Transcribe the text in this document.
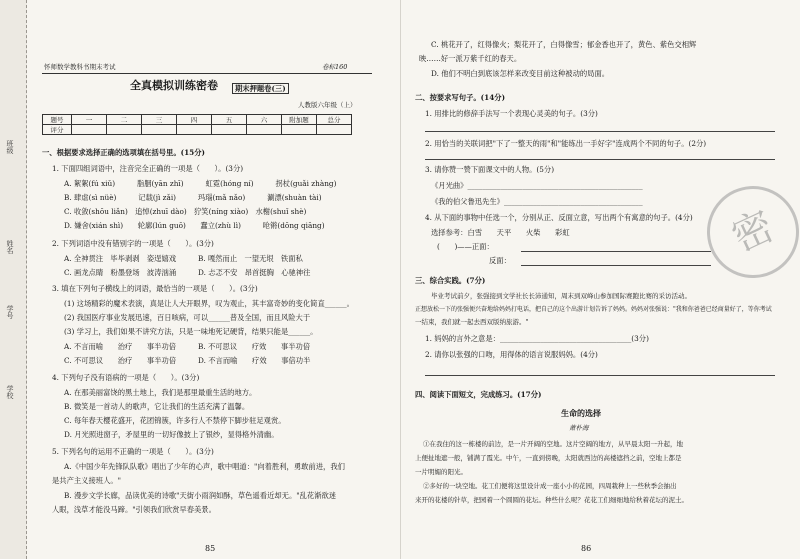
班级
姓名
学号
学校
怀师数学教科书期末考试	卷标160
全真模拟训练密卷	期末押题卷(三)
人教版六年级（上）
题号	一	二	三	四	五	六	附加题	总分
评分								
一、根据要求选择正确的选项填在括号里。(15分)
1. 下面四组词语中，注音完全正确的一项是（　　）。(3分)
A. 絮絮(fú xiǔ)　　　脂胭(yān zhī)　　　虹霓(hóng ní)　　　拐杖(guǎi zhàng)
B. 肆虐(sì nüè)　　　记载(jì zǎi)　　　玛瑙(mǎ nǎo)　　　涮漂(shuàn tài)
C. 收敛(shōu liǎn)　追悼(zhuī dào)　狞笑(níng xiào)　水榭(shuǐ shè)
D. 嫌舍(xián shì)　　轮廓(lún guō)　　蠢立(zhù lì)　　　呛锵(dōng qiāng)
2. 下列词语中没有错别字的一项是（　　）。(3分)
A. 全神贯注　毕毕剥剥　姿逞嬉戏　　　B. 嘎然而止　一望无垠　铁面私
C. 画龙点睛　粉墨登场　波涛汹涌　　　D. 忐忑不安　昂首挺胸　心驰神往
3. 填在下列句子横线上的词语，最恰当的一项是（　　）。(3分)
(1) 这场精彩的魔术表演，真是让人大开眼界，叹为观止，其丰富奇妙的变化简直______。
(2) 我国医疗事业发展迅速，百日咳病，可以______普及全国，而且风险大于
(3) 学习上，我们如果不讲究方法，只是一味地死记硬背，结果只能是______。
A. 不言而喻　　治疗　　事半功倍　　　B. 不可思议　　疗效　　事半功倍
C. 不可思议　　治疗　　事半功倍　　　D. 不言而喻　　疗效　　事倍功半
4. 下列句子没有语病的一项是（　　）。(3分)
A. 在那美丽富饶的黑土地上，我们是那里最重生活的地方。
B. 微笑是一首动人的歌声，它让我们的生活充满了温馨。
C. 每年春天樱花盛开，花团锦簇，许多行人不禁停下脚步驻足观赏。
D. 月光照进窗子，矛屋里的一切好像披上了银纱，显得格外清幽。
5. 下列名句的运用不正确的一项是（　　）。(3分)
A.《中国少年先锋队队歌》唱出了少年的心声，歌中唱道："向着胜利，勇敢前进，我们
是共产主义接班人。"
B. 漫步文学长廊，品读优美的诗歌"天街小雨润如酥，草色遥看近却无。"乱花渐欲迷
人眼，浅草才能没马蹄。"引领我们欣赏早春美景。
85
C. 桃花开了，红得像火；梨花开了，白得像雪；郁金香也开了，黄色、紫色交相辉
映……好一派万紫千红的春天。
D. 他们不明白到底该怎样来改变目前这种被动的局面。
二、按要求写句子。(14分)
1. 用排比的修辞手法写一个表现心灵美的句子。(3分)
2. 用恰当的关联词把"下了一整天的雨"和"能练出一手好字"连成两个不同的句子。(2分)
3. 请你赞一赞下面课文中的人物。(5分)
《月光曲》________________________________________________
《我的伯父鲁迅先生》______________________________________
4. 从下面的事物中任选一个，分别从正、反面立意，写出两个有寓意的句子。(4分)
选择参考：白雪　　天平　　火柴　　彩虹
(　　)——正面：
反面：	密
三、综合实践。(7分)
毕业考试前夕，张强接到文学社长长沛通知，周末到双峰山参加国际赛跑比赛的采访活动。
正想放松一下的张强便兴奋地给妈妈打电话，把自己的这个出游计划告诉了妈妈。妈妈对张强说："我和你爸爸已经商量好了，等你考试
一结束，我们就一起去西双版纳旅游。"
1. 妈妈的言外之意是：____________________________________(3分)
2. 请你以张强的口吻，用得体的语言说服妈妈。(4分)
四、阅读下面短文，完成练习。(17分)
生命的选择
萧朴海
①在我住的这一栋楼的前边，是一片开阔的空地。这片空阔的地方，从早晨太阳一升起，地
上便扯地遮一般，铺满了霞光。中午，一直到傍晚，太阳就西边的高楼遮挡之前，空地上都是
一片明媚的阳光。
②多好的一块空地。花工们便将这里设计成一座小小的花园，四周栽种上一些秋季会抽出
来开的花楼的针草，把园着一个圆圆的花坛。种些什么呢？花花工们细细地给秋着花坛的泥土。
86
